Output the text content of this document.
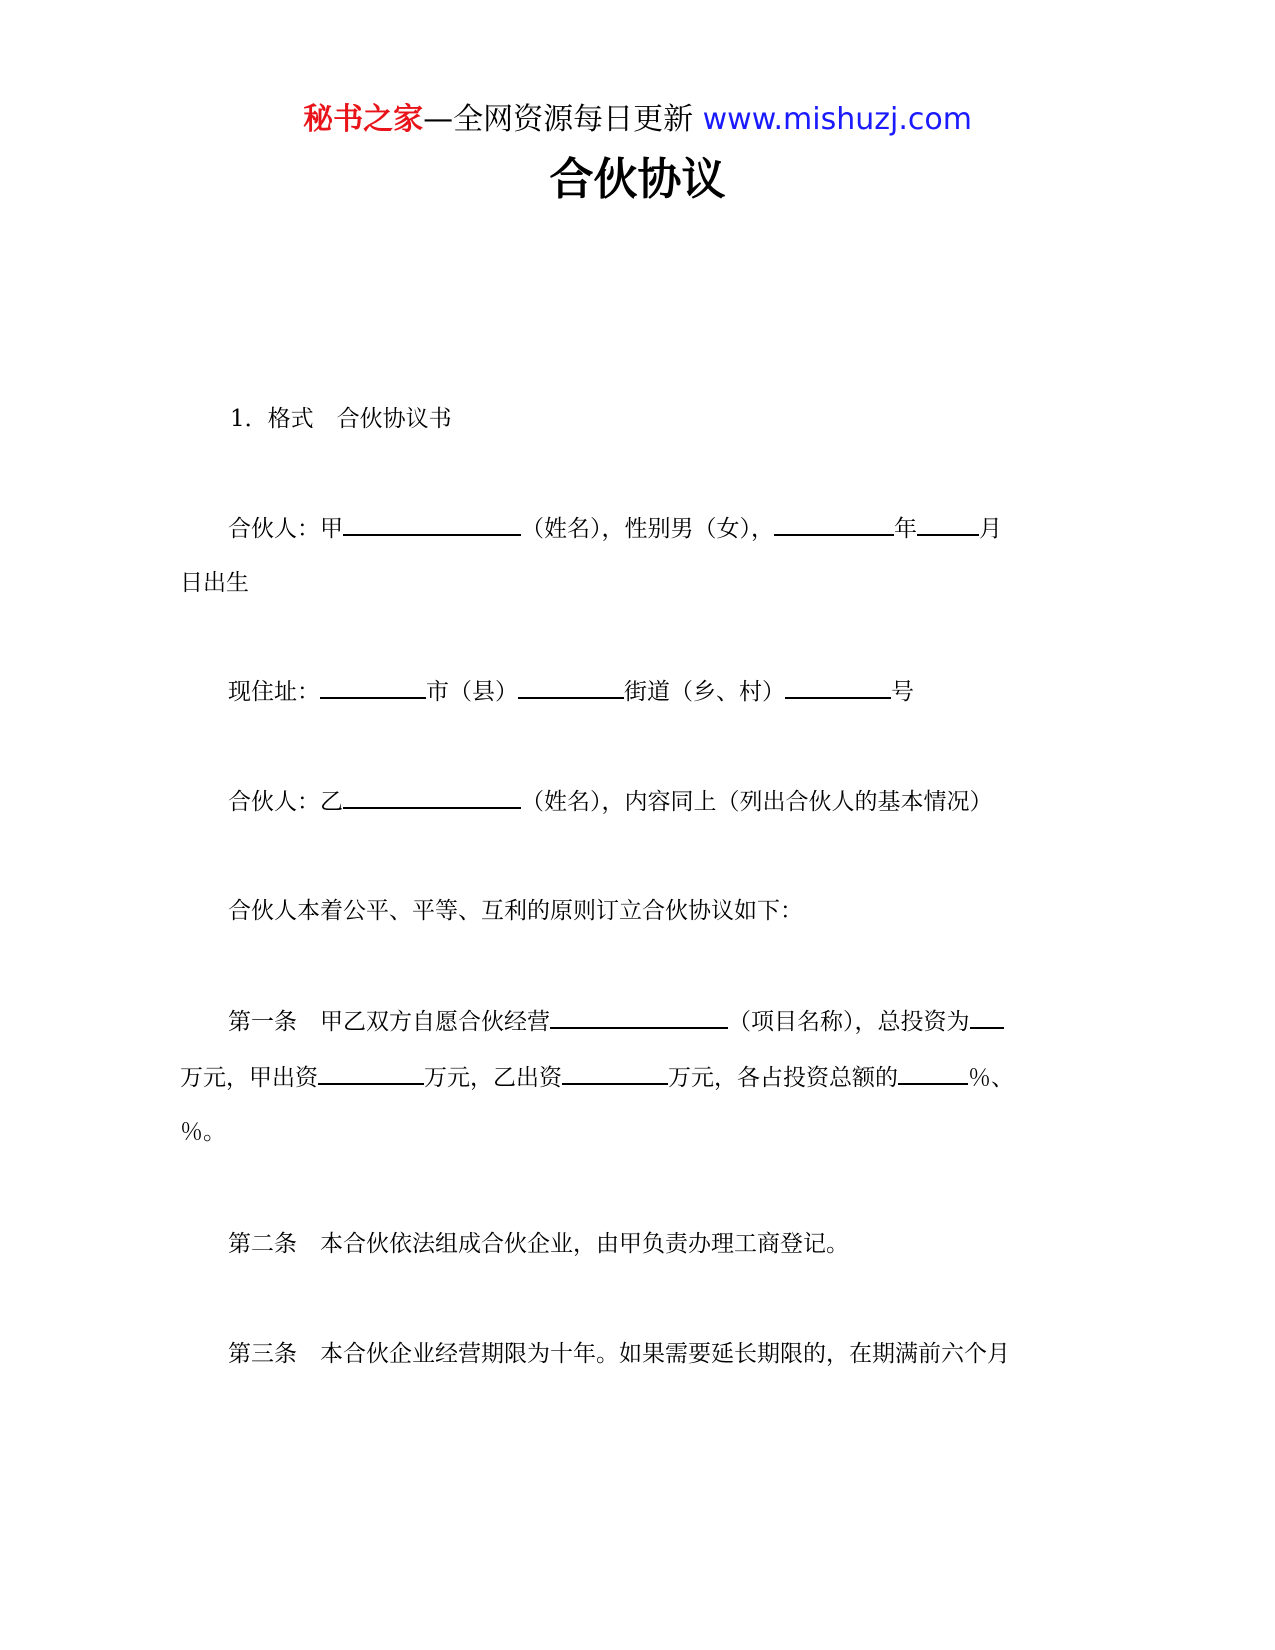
秘书之家—全网资源每日更新 www.mishuzj.com
合伙协议
1．格式　合伙协议书
合伙人：甲	（姓名），性别男（女），	年	月
日出生
现住址：	市（县）	街道（乡、村）	号
合伙人：乙	（姓名），内容同上（列出合伙人的基本情况）
合伙人本着公平、平等、互利的原则订立合伙协议如下：
第一条　甲乙双方自愿合伙经营	（项目名称），总投资为
万元，甲出资	万元，乙出资	万元，各占投资总额的	％、
％。
第二条　本合伙依法组成合伙企业，由甲负责办理工商登记。
第三条　本合伙企业经营期限为十年。如果需要延长期限的，在期满前六个月
